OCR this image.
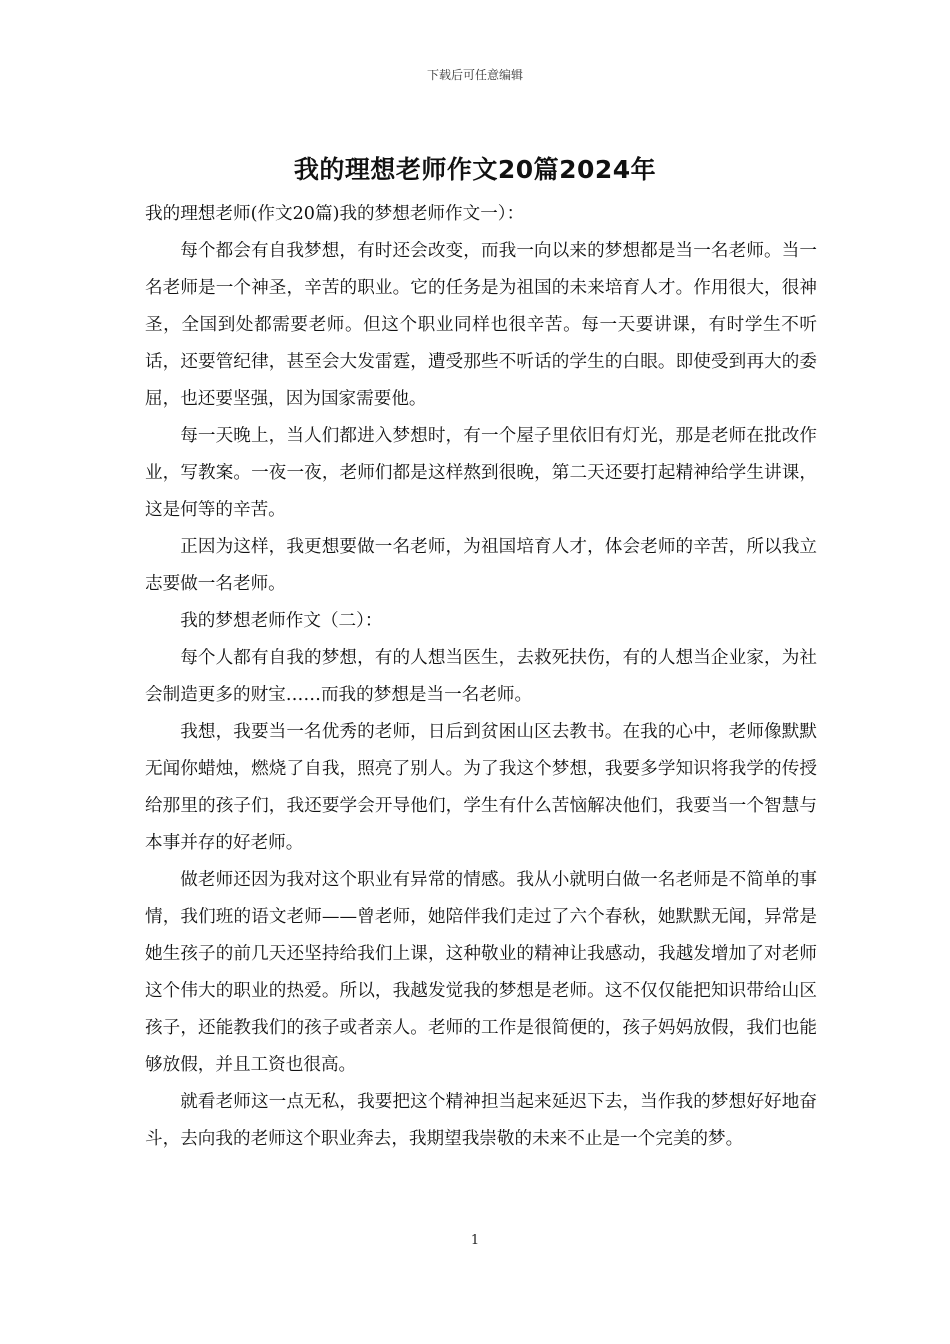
下载后可任意编辑
我的理想老师作文20篇2024年

我的理想老师(作文20篇)我的梦想老师作文一）：

每个都会有自我梦想，有时还会改变，而我一向以来的梦想都是当一名老师。当一名老师是一个神圣，辛苦的职业。它的任务是为祖国的未来培育人才。作用很大，很神圣，全国到处都需要老师。但这个职业同样也很辛苦。每一天要讲课，有时学生不听话，还要管纪律，甚至会大发雷霆，遭受那些不听话的学生的白眼。即使受到再大的委屈，也还要坚强，因为国家需要他。

每一天晚上，当人们都进入梦想时，有一个屋子里依旧有灯光，那是老师在批改作业，写教案。一夜一夜，老师们都是这样熬到很晚，第二天还要打起精神给学生讲课，这是何等的辛苦。

正因为这样，我更想要做一名老师，为祖国培育人才，体会老师的辛苦，所以我立志要做一名老师。

我的梦想老师作文（二）：

每个人都有自我的梦想，有的人想当医生，去救死扶伤，有的人想当企业家，为社会制造更多的财宝……而我的梦想是当一名老师。

我想，我要当一名优秀的老师，日后到贫困山区去教书。在我的心中，老师像默默无闻你蜡烛，燃烧了自我，照亮了别人。为了我这个梦想，我要多学知识将我学的传授给那里的孩子们，我还要学会开导他们，学生有什么苦恼解决他们，我要当一个智慧与本事并存的好老师。

做老师还因为我对这个职业有异常的情感。我从小就明白做一名老师是不简单的事情，我们班的语文老师——曾老师，她陪伴我们走过了六个春秋，她默默无闻，异常是她生孩子的前几天还坚持给我们上课，这种敬业的精神让我感动，我越发增加了对老师这个伟大的职业的热爱。所以，我越发觉我的梦想是老师。这不仅仅能把知识带给山区孩子，还能教我们的孩子或者亲人。老师的工作是很简便的，孩子妈妈放假，我们也能够放假，并且工资也很高。

就看老师这一点无私，我要把这个精神担当起来延迟下去，当作我的梦想好好地奋斗，去向我的老师这个职业奔去，我期望我崇敬的未来不止是一个完美的梦。

1
